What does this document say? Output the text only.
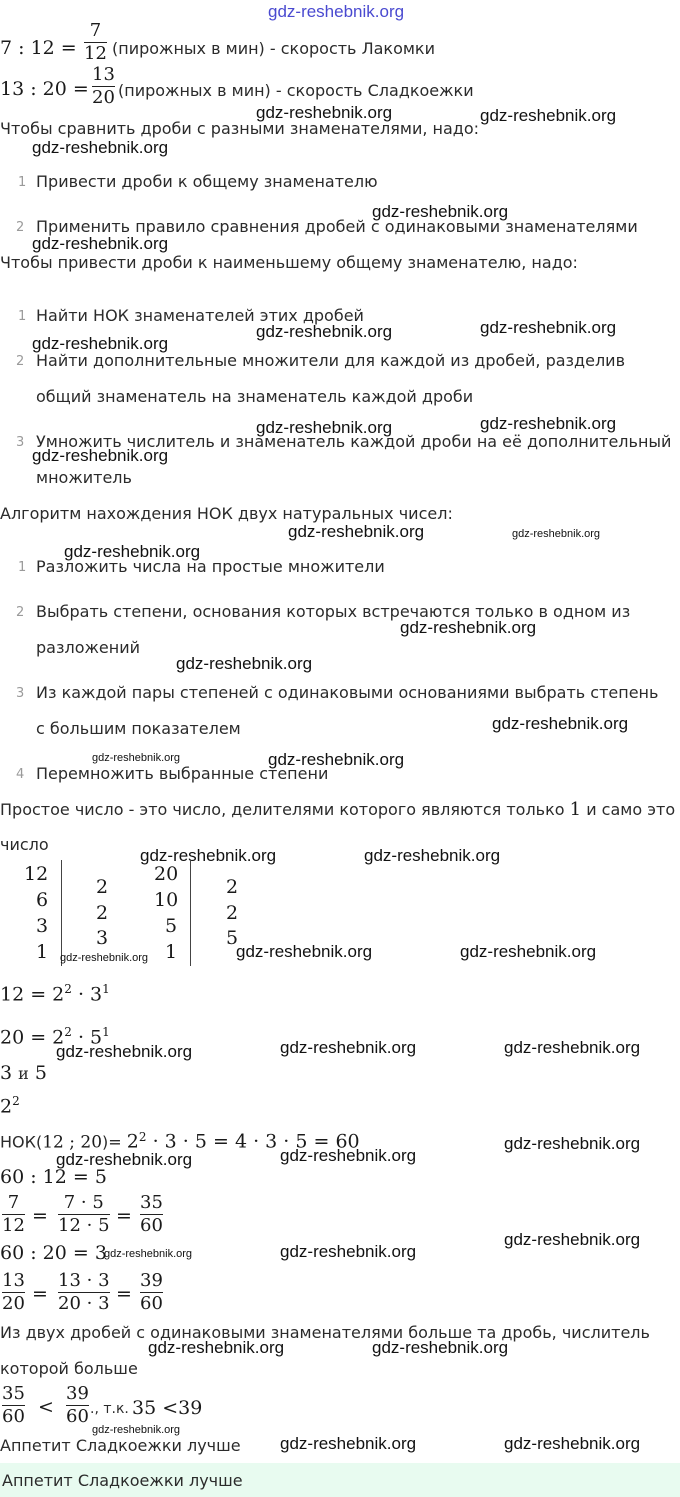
gdz-reshebnik.org
7 : 12 =
7
12 (пирожных в мин) - скорость Лакомки
13 : 20 =
13
20 (пирожных в мин) - скорость Сладкоежки
gdz-reshebnik.org	gdz-reshebnik.org
Чтобы сравнить дроби с разными знаменателями, надо:
gdz-reshebnik.org
1 Привести дроби к общему знаменателю
gdz-reshebnik.org
2 Применить правило сравнения дробей с одинаковыми знаменателями
gdz-reshebnik.org
Чтобы привести дроби к наименьшему общему знаменателю, надо:
1 Найти НОК знаменателей этих дробей
gdz-reshebnik.org	gdz-reshebnik.org
gdz-reshebnik.org
2 Найти дополнительные множители для каждой из дробей, разделив
общий знаменатель на знаменатель каждой дроби
gdz-reshebnik.org	gdz-reshebnik.org
3 Умножить числитель и знаменатель каждой дроби на её дополнительный
gdz-reshebnik.org
множитель
Алгоритм нахождения НОК двух натуральных чисел:
gdz-reshebnik.org	gdz-reshebnik.org
gdz-reshebnik.org
1 Разложить числа на простые множители
2 Выбрать степени, основания которых встречаются только в одном из
gdz-reshebnik.org
разложений
gdz-reshebnik.org
3 Из каждой пары степеней с одинаковыми основаниями выбрать степень
gdz-reshebnik.org
с большим показателем
gdz-reshebnik.org	gdz-reshebnik.org
4 Перемножить выбранные степени
Простое число - это число, делителями которого являются только 1 и само это
число
gdz-reshebnik.org	gdz-reshebnik.org
12
6
3
1
2
2
3
gdz-reshebnik.org
20
10
5
1
2
2
5
gdz-reshebnik.org	gdz-reshebnik.org
$12 = 2^2 \cdot 3^1$
$20 = 2^2 \cdot 5^1$
gdz-reshebnik.org	gdz-reshebnik.org	gdz-reshebnik.org
3 и 5
$2^2$
НОК(12 ; $20)= 2^2 \cdot 3 \cdot 5 = 4 \cdot 3 \cdot 5 = 60$	gdz-reshebnik.org
gdz-reshebnik.org	gdz-reshebnik.org
60 : 12 = 5
7
12 =
7 · 5
12 · 5 =
35
60
gdz-reshebnik.org
60 : 20 = 3
gdz-reshebnik.org	gdz-reshebnik.org
13
20 =
13 · 3
20 · 3 =
39
60
Из двух дробей с одинаковыми знаменателями больше та дробь, числитель
gdz-reshebnik.org	gdz-reshebnik.org
которой больше
35
60 <
39
60 ., т.к. 35 <39
gdz-reshebnik.org
Аппетит Сладкоежки лучше gdz-reshebnik.org	gdz-reshebnik.org
Аппетит Сладкоежки лучше
